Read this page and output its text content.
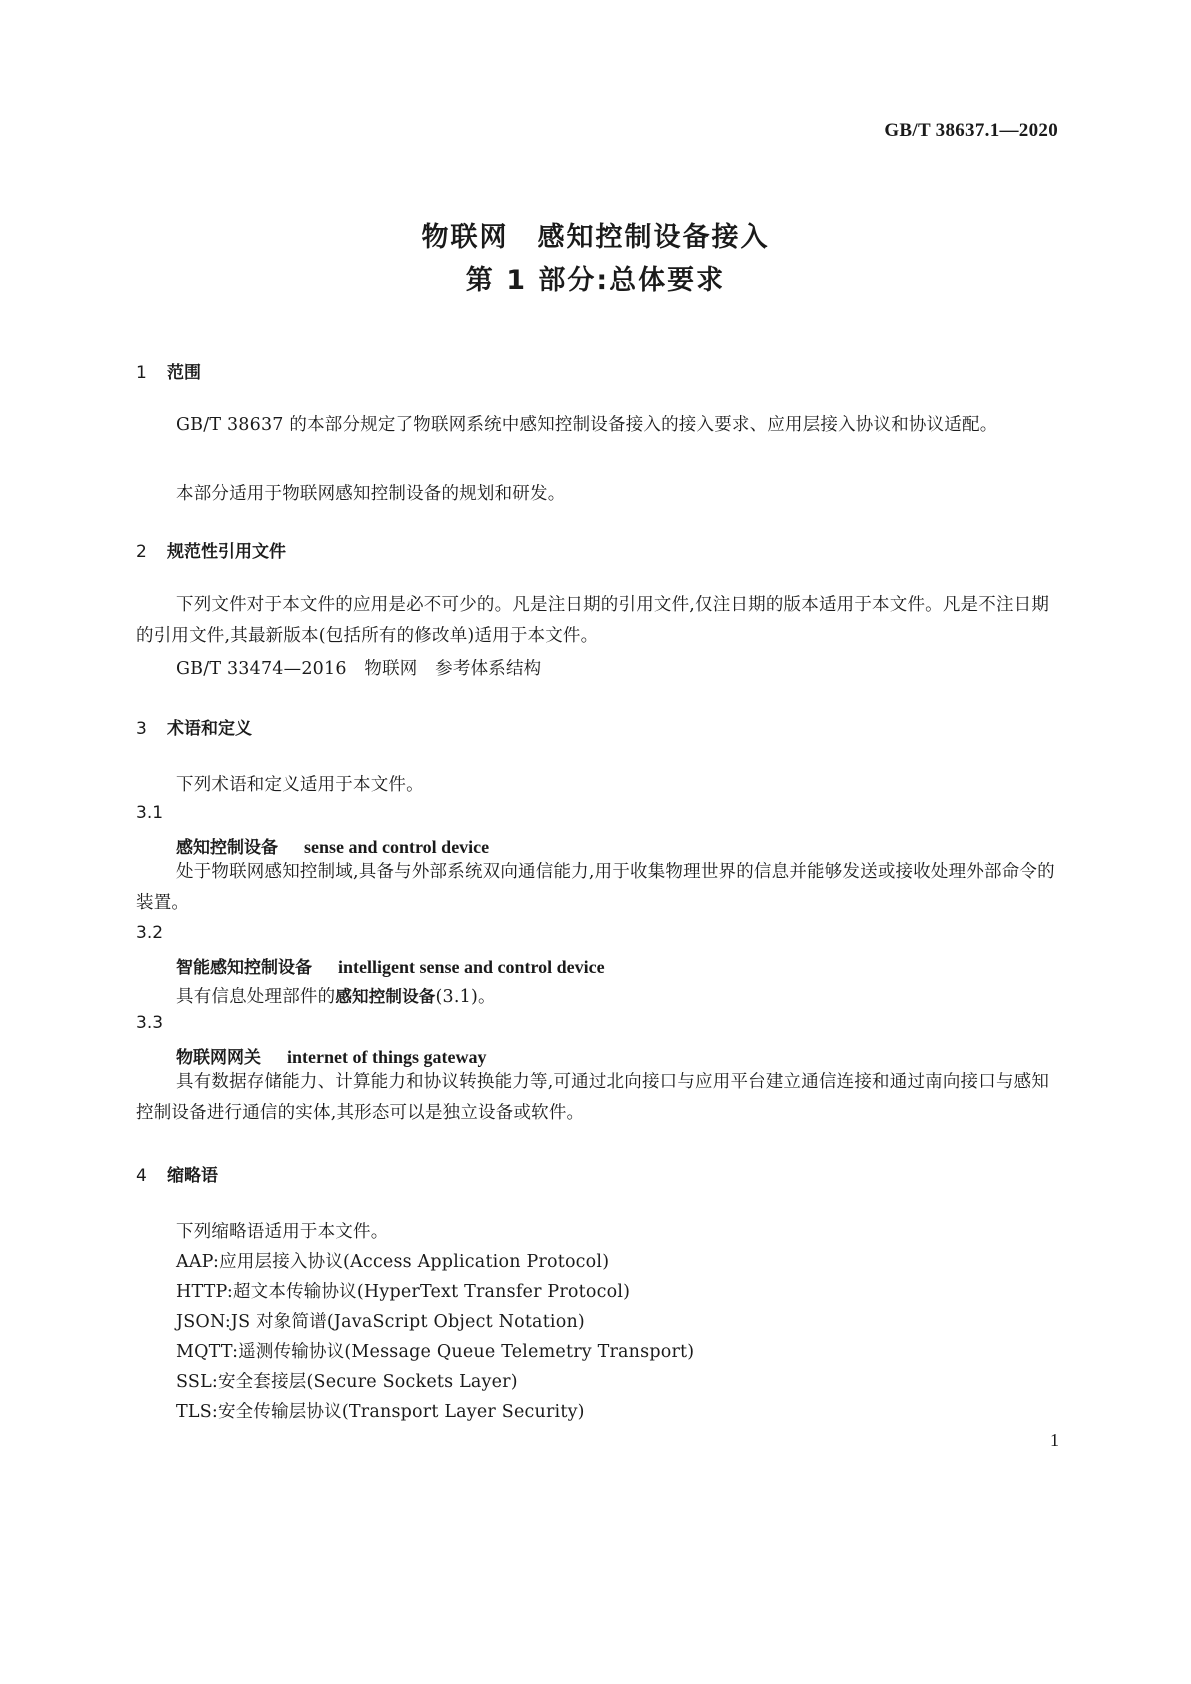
GB/T 38637.1—2020
物联网　感知控制设备接入
第 1 部分:总体要求
1 范围
GB/T 38637 的本部分规定了物联网系统中感知控制设备接入的接入要求、应用层接入协议和协议适配。
本部分适用于物联网感知控制设备的规划和研发。
2 规范性引用文件
下列文件对于本文件的应用是必不可少的。凡是注日期的引用文件,仅注日期的版本适用于本文件。凡是不注日期的引用文件,其最新版本(包括所有的修改单)适用于本文件。
GB/T 33474—2016　物联网　参考体系结构
3 术语和定义
下列术语和定义适用于本文件。
3.1
感知控制设备 sense and control device
处于物联网感知控制域,具备与外部系统双向通信能力,用于收集物理世界的信息并能够发送或接收处理外部命令的装置。
3.2
智能感知控制设备 intelligent sense and control device
具有信息处理部件的感知控制设备(3.1)。
3.3
物联网网关 internet of things gateway
具有数据存储能力、计算能力和协议转换能力等,可通过北向接口与应用平台建立通信连接和通过南向接口与感知控制设备进行通信的实体,其形态可以是独立设备或软件。
4 缩略语
下列缩略语适用于本文件。
AAP:应用层接入协议(Access Application Protocol)
HTTP:超文本传输协议(HyperText Transfer Protocol)
JSON:JS 对象简谱(JavaScript Object Notation)
MQTT:遥测传输协议(Message Queue Telemetry Transport)
SSL:安全套接层(Secure Sockets Layer)
TLS:安全传输层协议(Transport Layer Security)
1
